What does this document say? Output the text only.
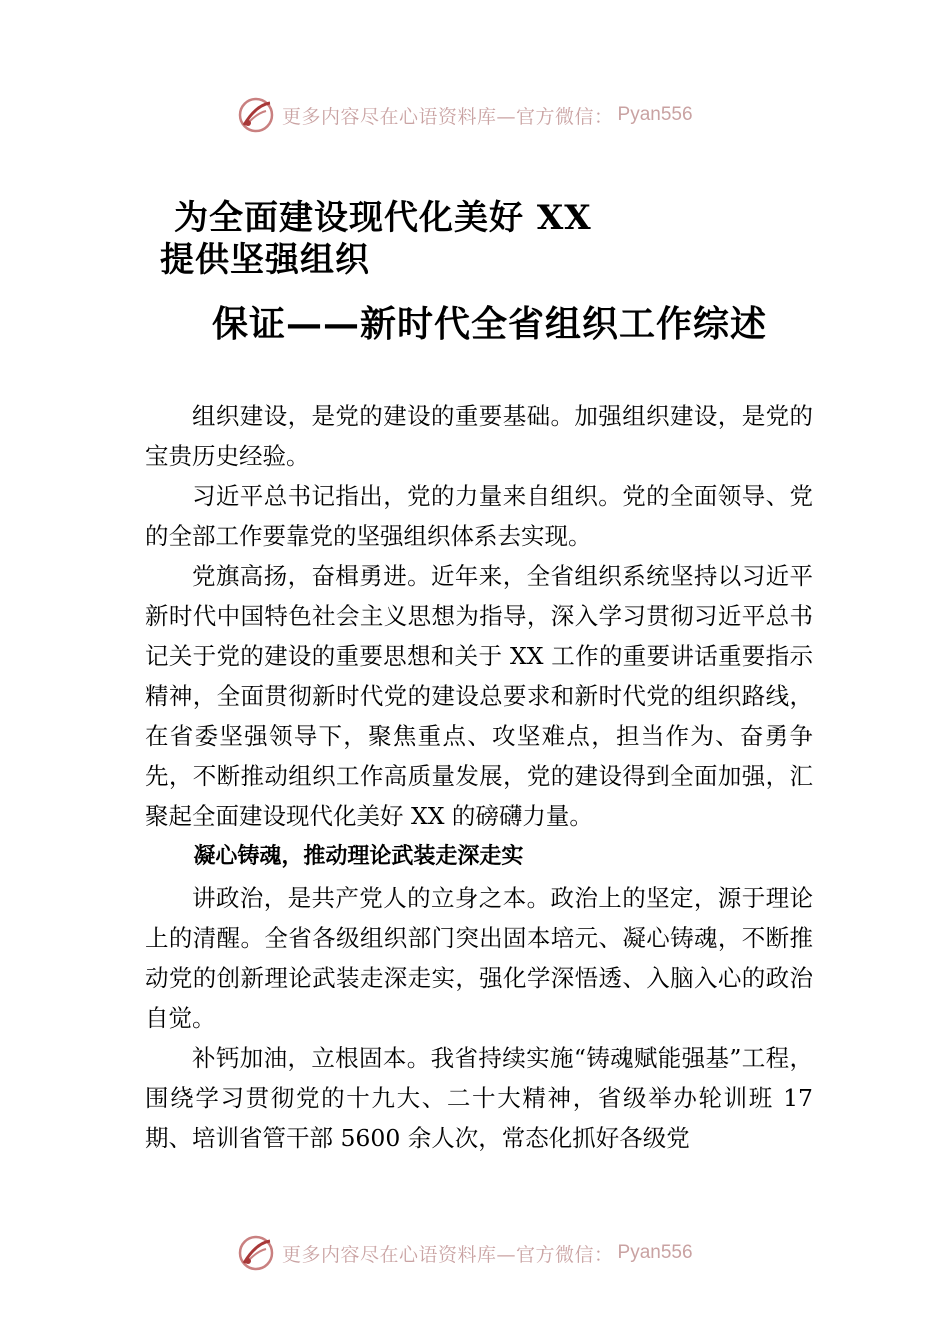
更多内容尽在心语资料库—官方微信： Pyan556
为全面建设现代化美好 XX
提供坚强组织
保证——新时代全省组织工作综述

组织建设，是党的建设的重要基础。加强组织建设，是党的宝贵历史经验。

习近平总书记指出，党的力量来自组织。党的全面领导、党的全部工作要靠党的坚强组织体系去实现。

党旗高扬，奋楫勇进。近年来，全省组织系统坚持以习近平新时代中国特色社会主义思想为指导，深入学习贯彻习近平总书记关于党的建设的重要思想和关于 XX 工作的重要讲话重要指示精神，全面贯彻新时代党的建设总要求和新时代党的组织路线，在省委坚强领导下，聚焦重点、攻坚难点，担当作为、奋勇争先，不断推动组织工作高质量发展，党的建设得到全面加强，汇聚起全面建设现代化美好 XX 的磅礴力量。

凝心铸魂，推动理论武装走深走实

讲政治，是共产党人的立身之本。政治上的坚定，源于理论上的清醒。全省各级组织部门突出固本培元、凝心铸魂，不断推动党的创新理论武装走深走实，强化学深悟透、入脑入心的政治自觉。

补钙加油，立根固本。我省持续实施“铸魂赋能强基”工程，围绕学习贯彻党的十九大、二十大精神，省级举办轮训班 17 期、培训省管干部 5600 余人次，常态化抓好各级党

更多内容尽在心语资料库—官方微信： Pyan556
